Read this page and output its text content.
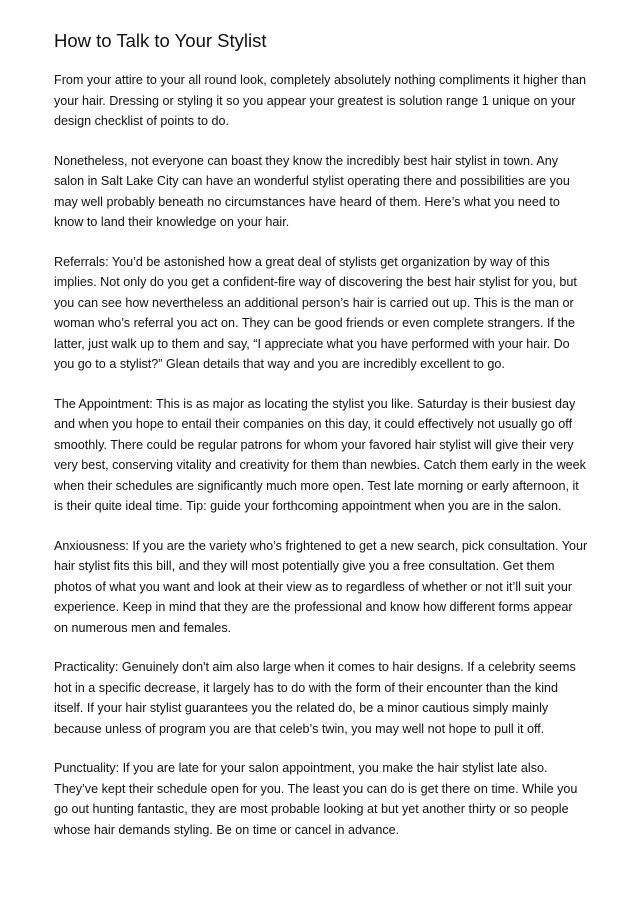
How to Talk to Your Stylist

From your attire to your all round look, completely absolutely nothing compliments it higher than your hair. Dressing or styling it so you appear your greatest is solution range 1 unique on your design checklist of points to do.

Nonetheless, not everyone can boast they know the incredibly best hair stylist in town. Any salon in Salt Lake City can have an wonderful stylist operating there and possibilities are you may well probably beneath no circumstances have heard of them. Here’s what you need to know to land their knowledge on your hair.

Referrals: You’d be astonished how a great deal of stylists get organization by way of this implies. Not only do you get a confident-fire way of discovering the best hair stylist for you, but you can see how nevertheless an additional person’s hair is carried out up. This is the man or woman who’s referral you act on. They can be good friends or even complete strangers. If the latter, just walk up to them and say, “I appreciate what you have performed with your hair. Do you go to a stylist?” Glean details that way and you are incredibly excellent to go.

The Appointment: This is as major as locating the stylist you like. Saturday is their busiest day and when you hope to entail their companies on this day, it could effectively not usually go off smoothly. There could be regular patrons for whom your favored hair stylist will give their very very best, conserving vitality and creativity for them than newbies. Catch them early in the week when their schedules are significantly much more open. Test late morning or early afternoon, it is their quite ideal time. Tip: guide your forthcoming appointment when you are in the salon.

Anxiousness: If you are the variety who’s frightened to get a new search, pick consultation. Your hair stylist fits this bill, and they will most potentially give you a free consultation. Get them photos of what you want and look at their view as to regardless of whether or not it’ll suit your experience. Keep in mind that they are the professional and know how different forms appear on numerous men and females.

Practicality: Genuinely don't aim also large when it comes to hair designs. If a celebrity seems hot in a specific decrease, it largely has to do with the form of their encounter than the kind itself. If your hair stylist guarantees you the related do, be a minor cautious simply mainly because unless of program you are that celeb’s twin, you may well not hope to pull it off.

Punctuality: If you are late for your salon appointment, you make the hair stylist late also. They’ve kept their schedule open for you. The least you can do is get there on time. While you go out hunting fantastic, they are most probable looking at but yet another thirty or so people whose hair demands styling. Be on time or cancel in advance.
